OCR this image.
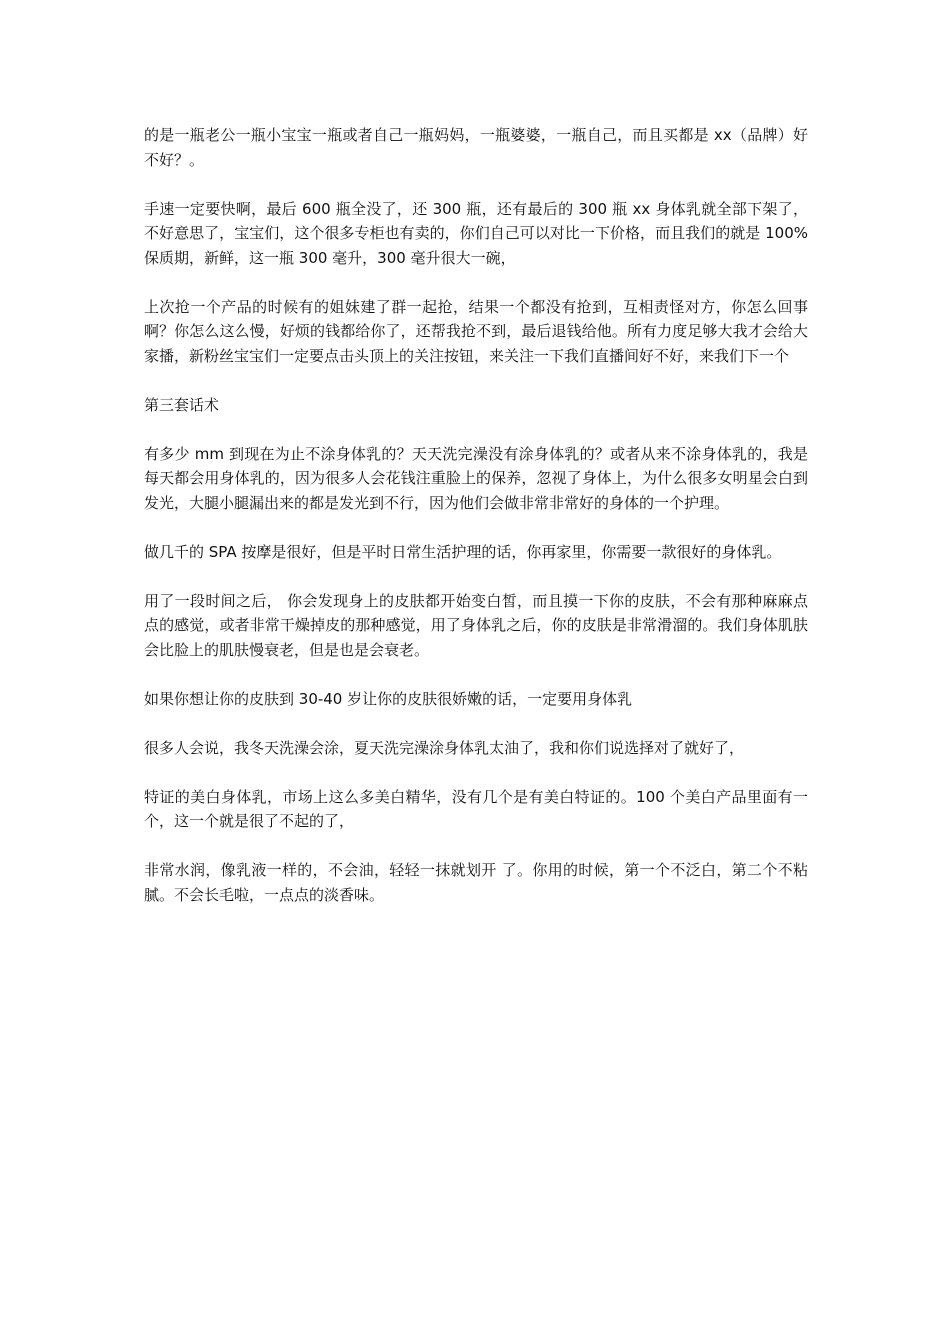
的是一瓶老公一瓶小宝宝一瓶或者自己一瓶妈妈，一瓶婆婆，一瓶自己，而且买都是 xx（品牌）好不好？。

手速一定要快啊，最后 600 瓶全没了，还 300 瓶，还有最后的 300 瓶 xx 身体乳就全部下架了，不好意思了，宝宝们，这个很多专柜也有卖的，你们自己可以对比一下价格，而且我们的就是 100%保质期，新鲜，这一瓶 300 毫升，300 毫升很大一碗，

上次抢一个产品的时候有的姐妹建了群一起抢，结果一个都没有抢到，互相责怪对方，你怎么回事啊？你怎么这么慢，好烦的钱都给你了，还帮我抢不到，最后退钱给他。所有力度足够大我才会给大家播，新粉丝宝宝们一定要点击头顶上的关注按钮，来关注一下我们直播间好不好，来我们下一个

第三套话术

有多少 mm 到现在为止不涂身体乳的？天天洗完澡没有涂身体乳的？或者从来不涂身体乳的，我是每天都会用身体乳的，因为很多人会花钱注重脸上的保养，忽视了身体上，为什么很多女明星会白到发光，大腿小腿漏出来的都是发光到不行，因为他们会做非常非常好的身体的一个护理。

做几千的 SPA 按摩是很好，但是平时日常生活护理的话，你再家里，你需要一款很好的身体乳。

用了一段时间之后， 你会发现身上的皮肤都开始变白皙，而且摸一下你的皮肤，不会有那种麻麻点点的感觉，或者非常干燥掉皮的那种感觉，用了身体乳之后，你的皮肤是非常滑溜的。我们身体肌肤会比脸上的肌肤慢衰老，但是也是会衰老。

如果你想让你的皮肤到 30-40 岁让你的皮肤很娇嫩的话，一定要用身体乳

很多人会说，我冬天洗澡会涂，夏天洗完澡涂身体乳太油了，我和你们说选择对了就好了，

特证的美白身体乳，市场上这么多美白精华，没有几个是有美白特证的。100 个美白产品里面有一个，这一个就是很了不起的了，

非常水润，像乳液一样的，不会油，轻轻一抹就划开 了。你用的时候，第一个不泛白，第二个不粘腻。不会长毛啦，一点点的淡香味。
